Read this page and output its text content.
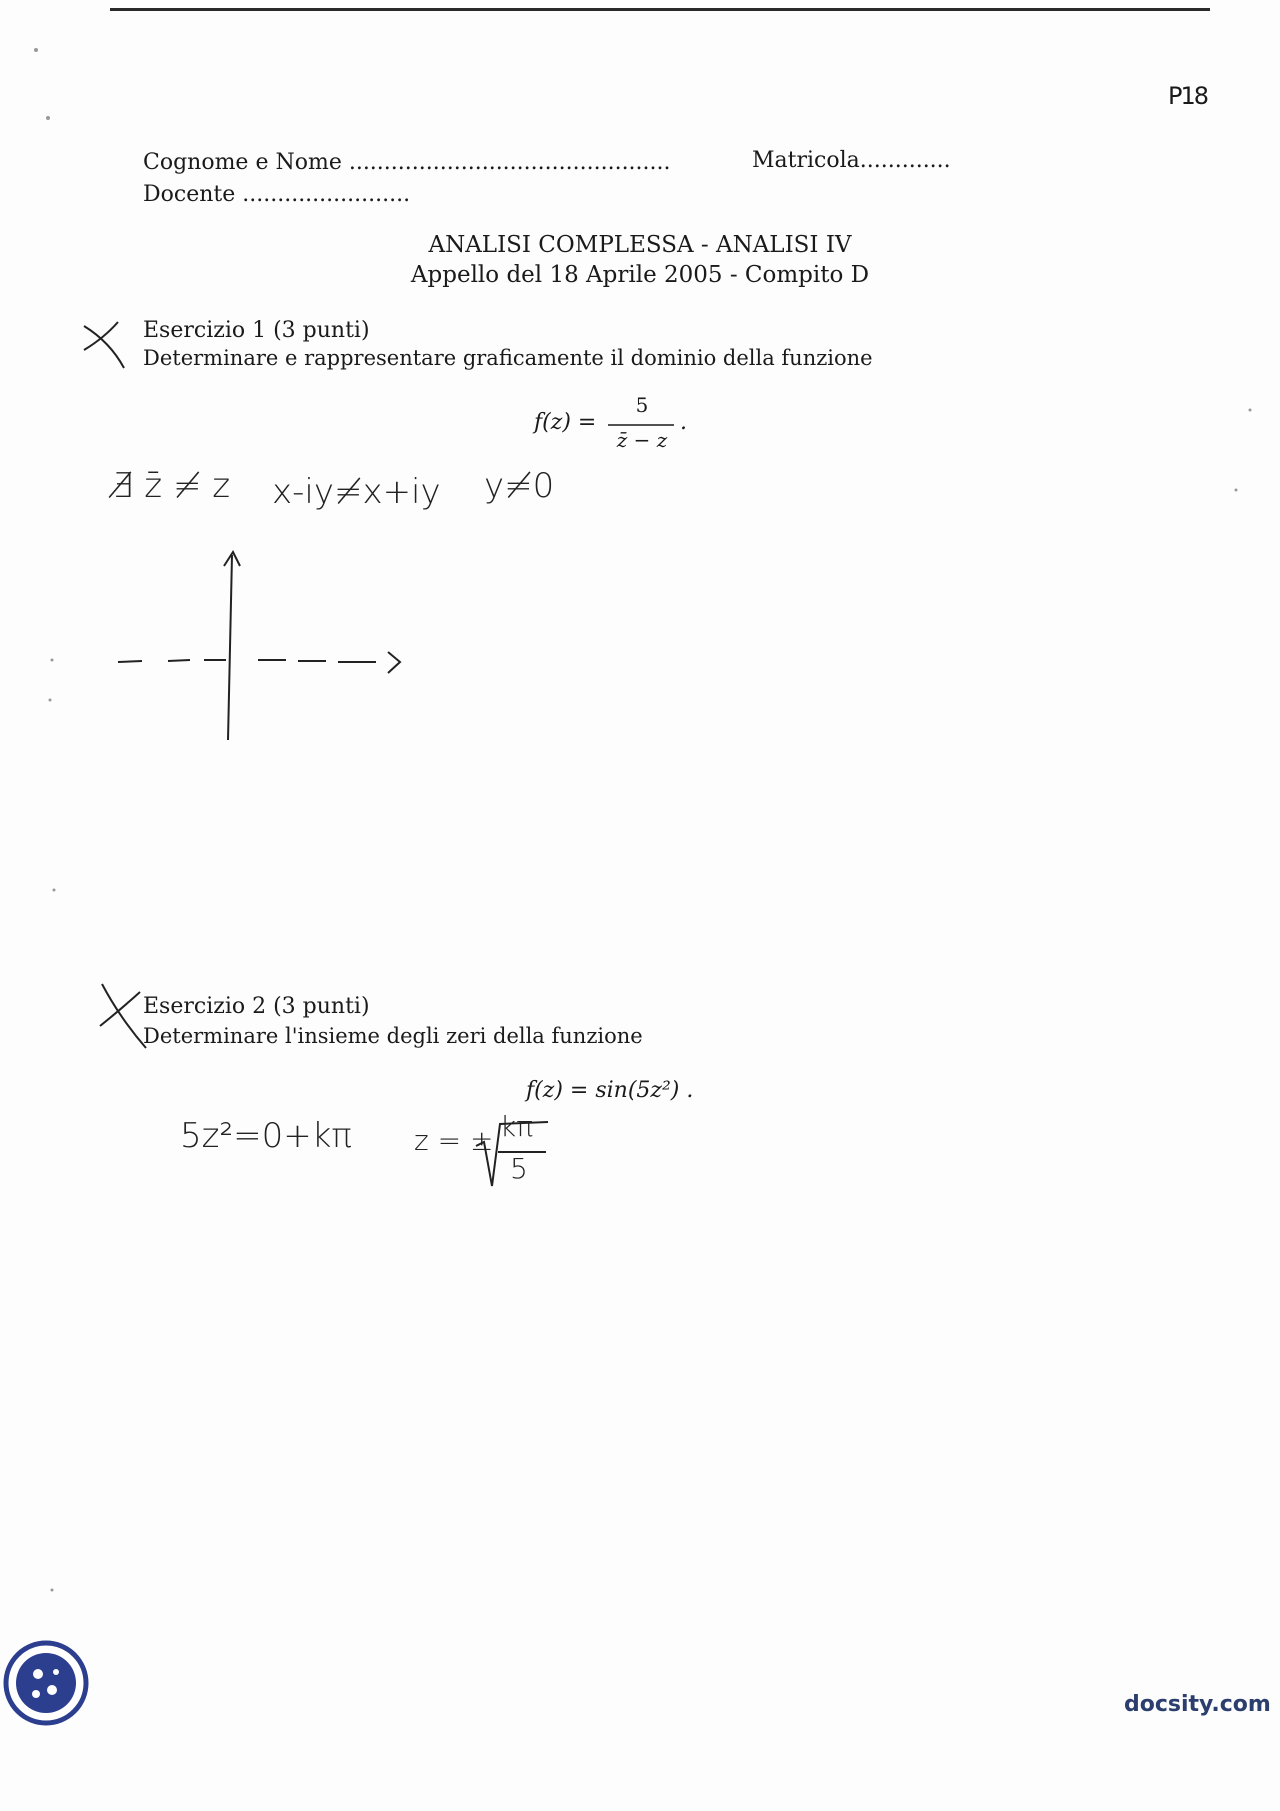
P18
Cognome e Nome ..............................................	Matricola.............
Docente ........................
ANALISI COMPLESSA - ANALISI IV
Appello del 18 Aprile 2005 - Compito D
Esercizio 1 (3 punti)
Determinare e rappresentare graficamente il dominio della funzione
f(z) =
5
z̄ − z
.
∄ z̄ ≠ z x-iy≠x+iy y≠0
Esercizio 2 (3 punti)
Determinare l'insieme degli zeri della funzione
f(z) = sin(5z²) .
5z²=0+kπ z = ± kπ
5
docsity.com
